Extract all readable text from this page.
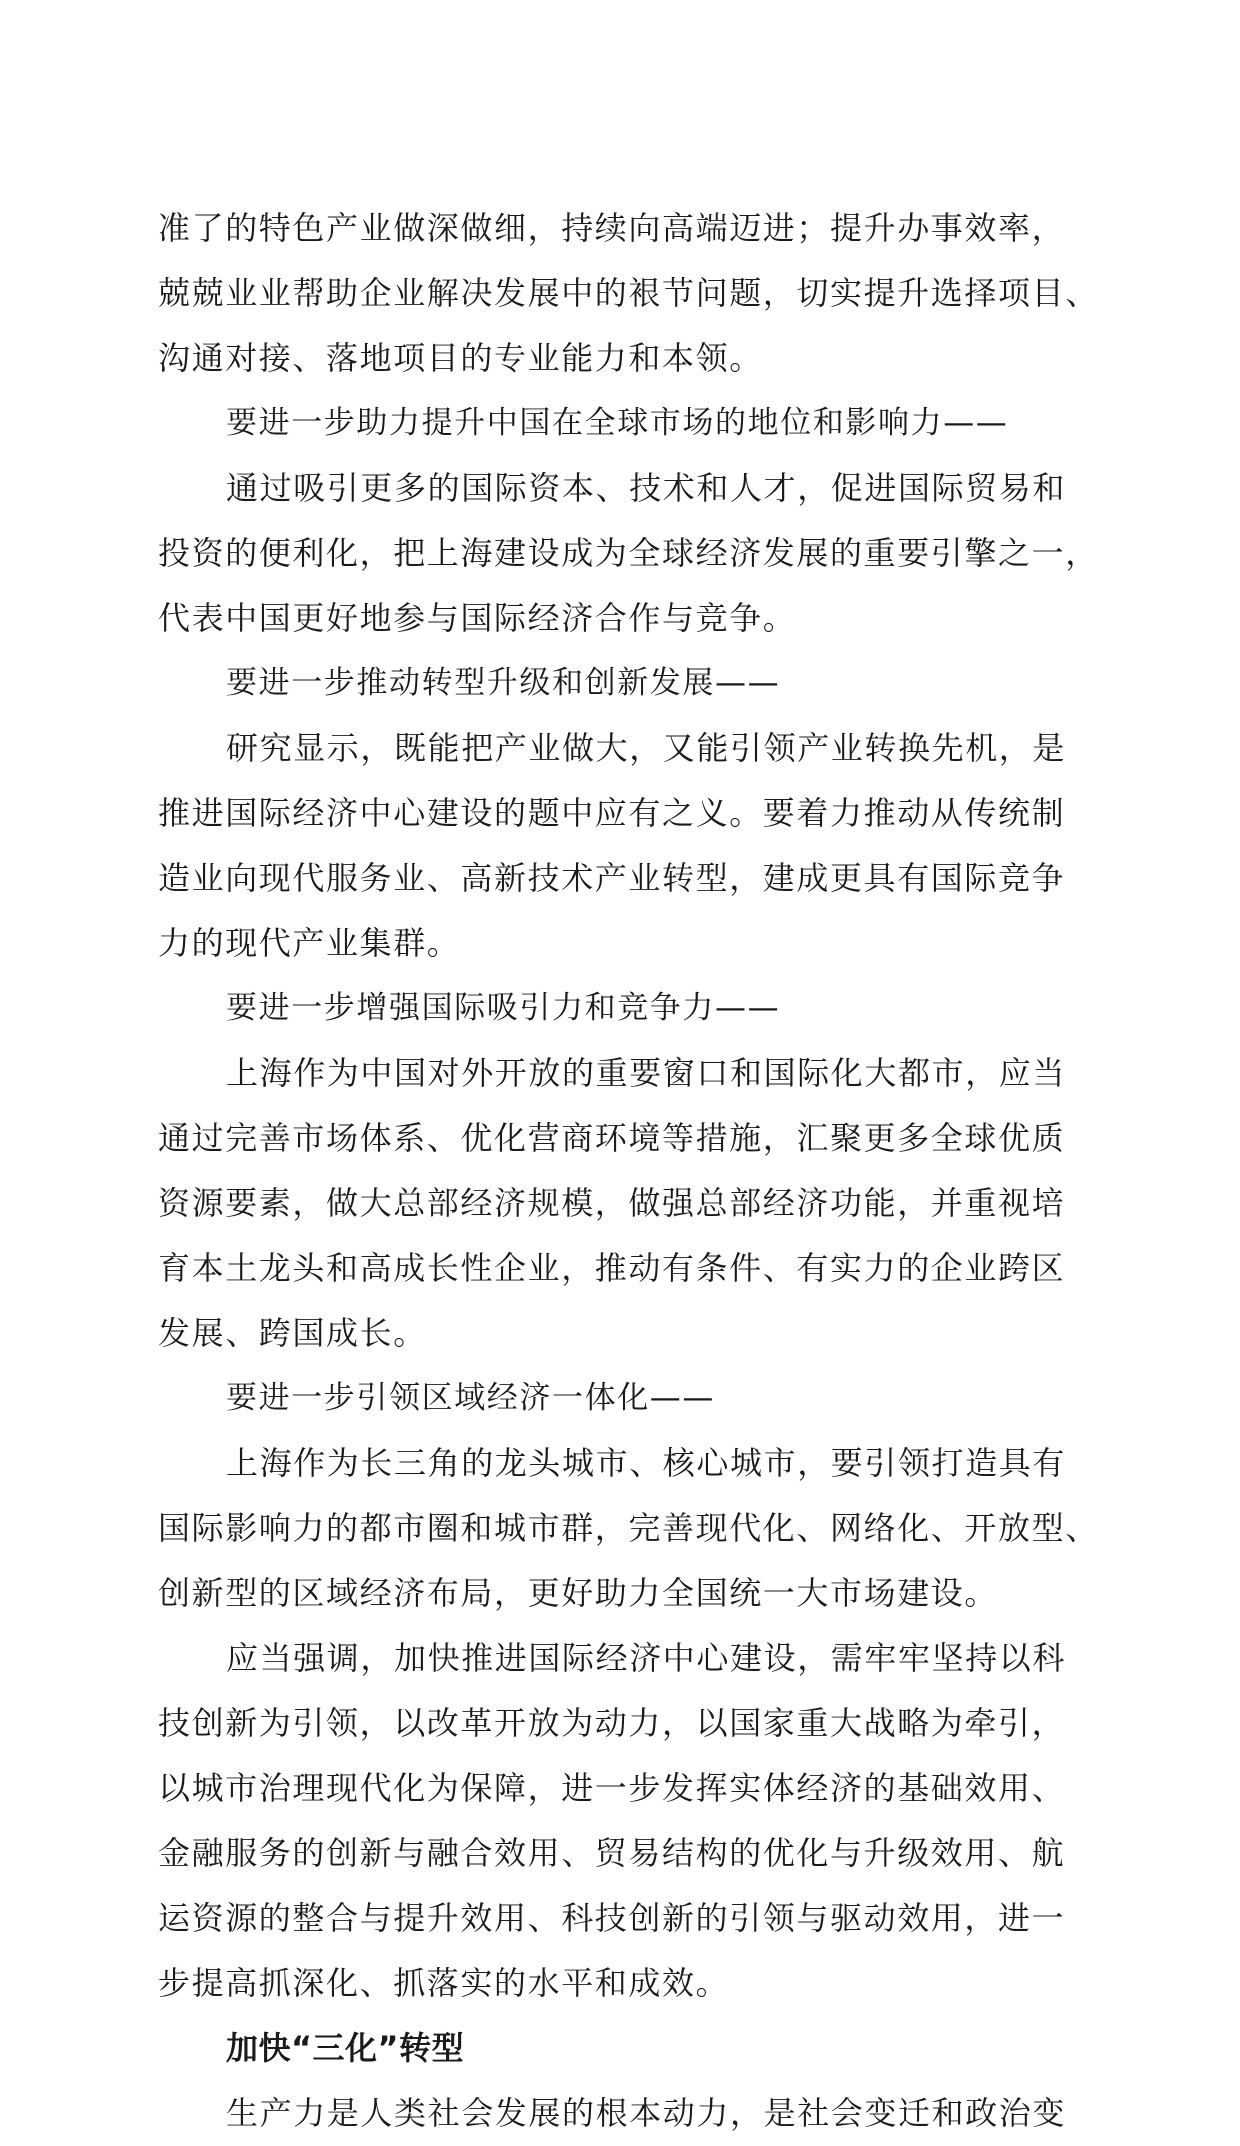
准了的特色产业做深做细，持续向高端迈进；提升办事效率，
兢兢业业帮助企业解决发展中的裉节问题，切实提升选择项目、
沟通对接、落地项目的专业能力和本领。
要进一步助力提升中国在全球市场的地位和影响力——
通过吸引更多的国际资本、技术和人才，促进国际贸易和
投资的便利化，把上海建设成为全球经济发展的重要引擎之一，
代表中国更好地参与国际经济合作与竞争。
要进一步推动转型升级和创新发展——
研究显示，既能把产业做大，又能引领产业转换先机，是
推进国际经济中心建设的题中应有之义。要着力推动从传统制
造业向现代服务业、高新技术产业转型，建成更具有国际竞争
力的现代产业集群。
要进一步增强国际吸引力和竞争力——
上海作为中国对外开放的重要窗口和国际化大都市，应当
通过完善市场体系、优化营商环境等措施，汇聚更多全球优质
资源要素，做大总部经济规模，做强总部经济功能，并重视培
育本土龙头和高成长性企业，推动有条件、有实力的企业跨区
发展、跨国成长。
要进一步引领区域经济一体化——
上海作为长三角的龙头城市、核心城市，要引领打造具有
国际影响力的都市圈和城市群，完善现代化、网络化、开放型、
创新型的区域经济布局，更好助力全国统一大市场建设。
应当强调，加快推进国际经济中心建设，需牢牢坚持以科
技创新为引领，以改革开放为动力，以国家重大战略为牵引，
以城市治理现代化为保障，进一步发挥实体经济的基础效用、
金融服务的创新与融合效用、贸易结构的优化与升级效用、航
运资源的整合与提升效用、科技创新的引领与驱动效用，进一
步提高抓深化、抓落实的水平和成效。
加快“三化”转型
生产力是人类社会发展的根本动力，是社会变迁和政治变
